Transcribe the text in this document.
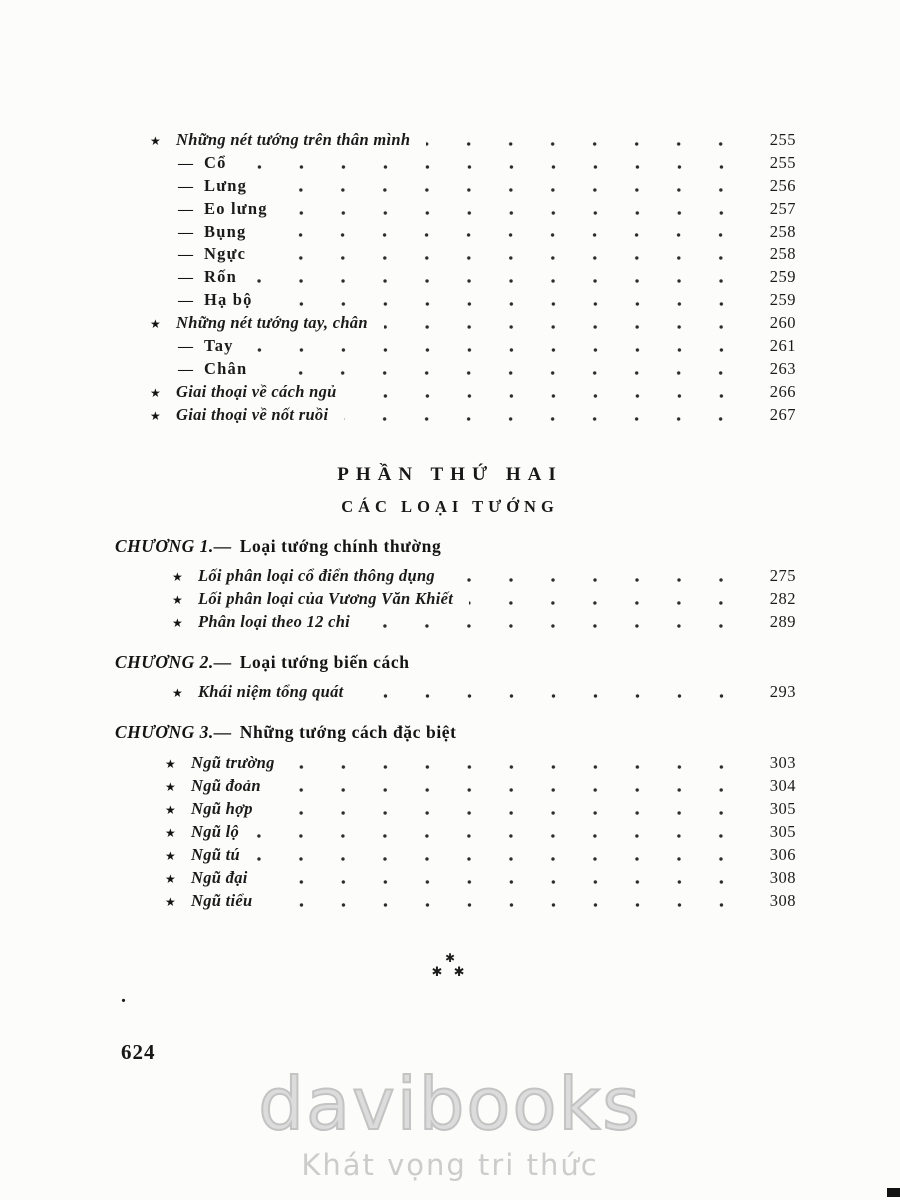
★ Những nét tướng trên thân mình	255
— Cổ	255
— Lưng	256
— Eo lưng	257
— Bụng	258
— Ngực	258
— Rốn	259
— Hạ bộ	259
★ Những nét tướng tay, chân	260
— Tay	261
— Chân	263
★ Giai thoại về cách ngủ	266
★ Giai thoại về nốt ruồi	267
PHẦN THỨ HAI
CÁC LOẠI TƯỚNG
CHƯƠNG 1.— Loại tướng chính thường
★ Lối phân loại cổ điển thông dụng	275
★ Lối phân loại của Vương Văn Khiết	282
★ Phân loại theo 12 chi	289
CHƯƠNG 2.— Loại tướng biến cách
★ Khái niệm tổng quát	293
CHƯƠNG 3.— Những tướng cách đặc biệt
★ Ngũ trường	303
★ Ngũ đoản	304
★ Ngũ hợp	305
★ Ngũ lộ	305
★ Ngũ tú	306
★ Ngũ đại	308
★ Ngũ tiểu	308
✱
✱ ✱
.
624
davibooks
Khát vọng tri thức
